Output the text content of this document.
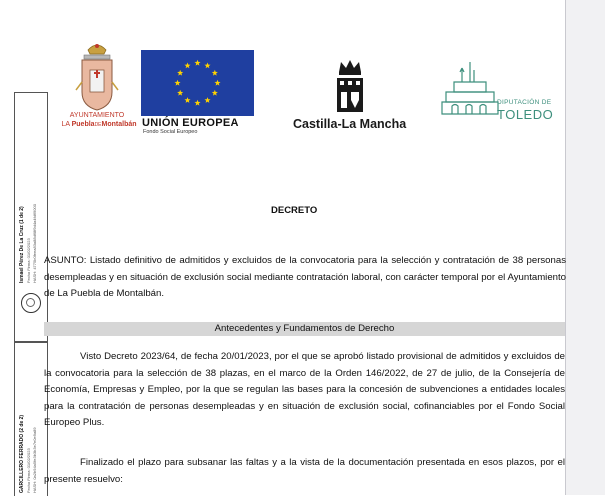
Ismael Pérez De La Cruz (1 de 2) Fecha Firma: 01/02/2023 HASH: 4775b0feea83a88d68f9d4a4fd69000
GARCILLERO FERRADO (2 de 2) Fecha Firma: 01/02/2023 HASH: 0a2b94a5fe3b3b3e7e0e9a89
AYUNTAMIENTO
LA PueblaDEMontalbán UNIÓN EUROPEA
Fondo Social Europeo
Castilla-La Mancha
DIPUTACIÓN DE
TOLEDO
DECRETO

ASUNTO: Listado definitivo de admitidos y excluidos de la convocatoria para la selección y contratación de 38 personas desempleadas y en situación de exclusión social mediante contratación laboral, con carácter temporal por el Ayuntamiento de La Puebla de Montalbán.

Antecedentes y Fundamentos de Derecho

Visto Decreto 2023/64, de fecha 20/01/2023, por el que se aprobó listado provisional de admitidos y excluidos de la convocatoria para la selección de 38 plazas, en el marco de la Orden 146/2022, de 27 de julio, de la Consejería de Economía, Empresas y Empleo, por la que se regulan las bases para la concesión de subvenciones a entidades locales para la contratación de personas desempleadas y en situación de exclusión social, cofinanciables por el Fondo Social Europeo Plus.

Finalizado el plazo para subsanar las faltas y a la vista de la documentación presentada en esos plazos, por el presente resuelvo:
